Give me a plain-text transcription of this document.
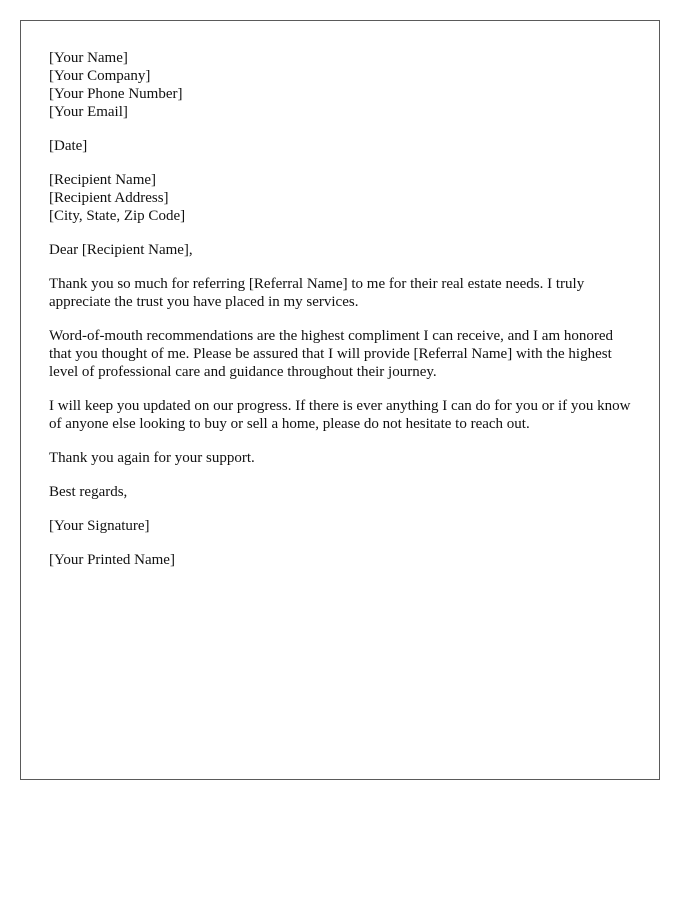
[Your Name]
[Your Company]
[Your Phone Number]
[Your Email]
[Date]
[Recipient Name]
[Recipient Address]
[City, State, Zip Code]

Dear [Recipient Name],

Thank you so much for referring [Referral Name] to me for their real estate needs. I truly appreciate the trust you have placed in my services.

Word-of-mouth recommendations are the highest compliment I can receive, and I am honored that you thought of me. Please be assured that I will provide [Referral Name] with the highest level of professional care and guidance throughout their journey.

I will keep you updated on our progress. If there is ever anything I can do for you or if you know of anyone else looking to buy or sell a home, please do not hesitate to reach out.

Thank you again for your support.

Best regards,

[Your Signature]

[Your Printed Name]
